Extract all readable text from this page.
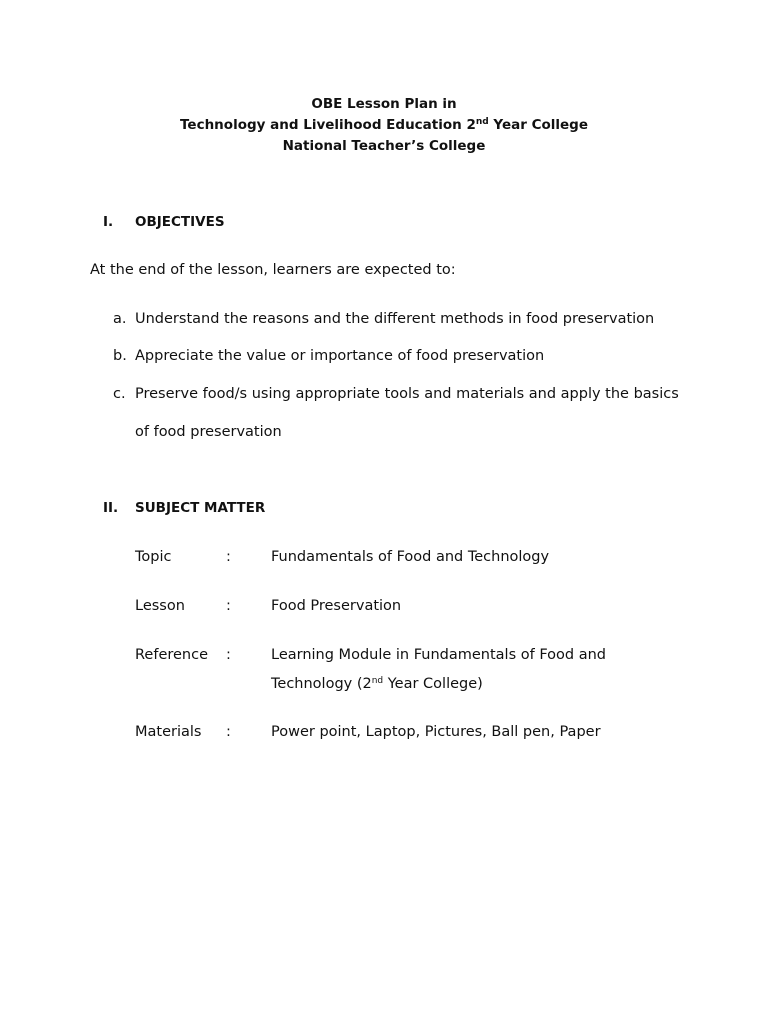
OBE Lesson Plan in
Technology and Livelihood Education 2nd Year College
National Teacher’s College
I. OBJECTIVES
At the end of the lesson, learners are expected to:
a. Understand the reasons and the different methods in food preservation
b. Appreciate the value or importance of food preservation
c. Preserve food/s using appropriate tools and materials and apply the basics
of food preservation
II. SUBJECT MATTER
Topic	:	Fundamentals of Food and Technology
Lesson	:	Food Preservation
Reference	:	Learning Module in Fundamentals of Food and
Technology (2nd Year College)
Materials	:	Power point, Laptop, Pictures, Ball pen, Paper
